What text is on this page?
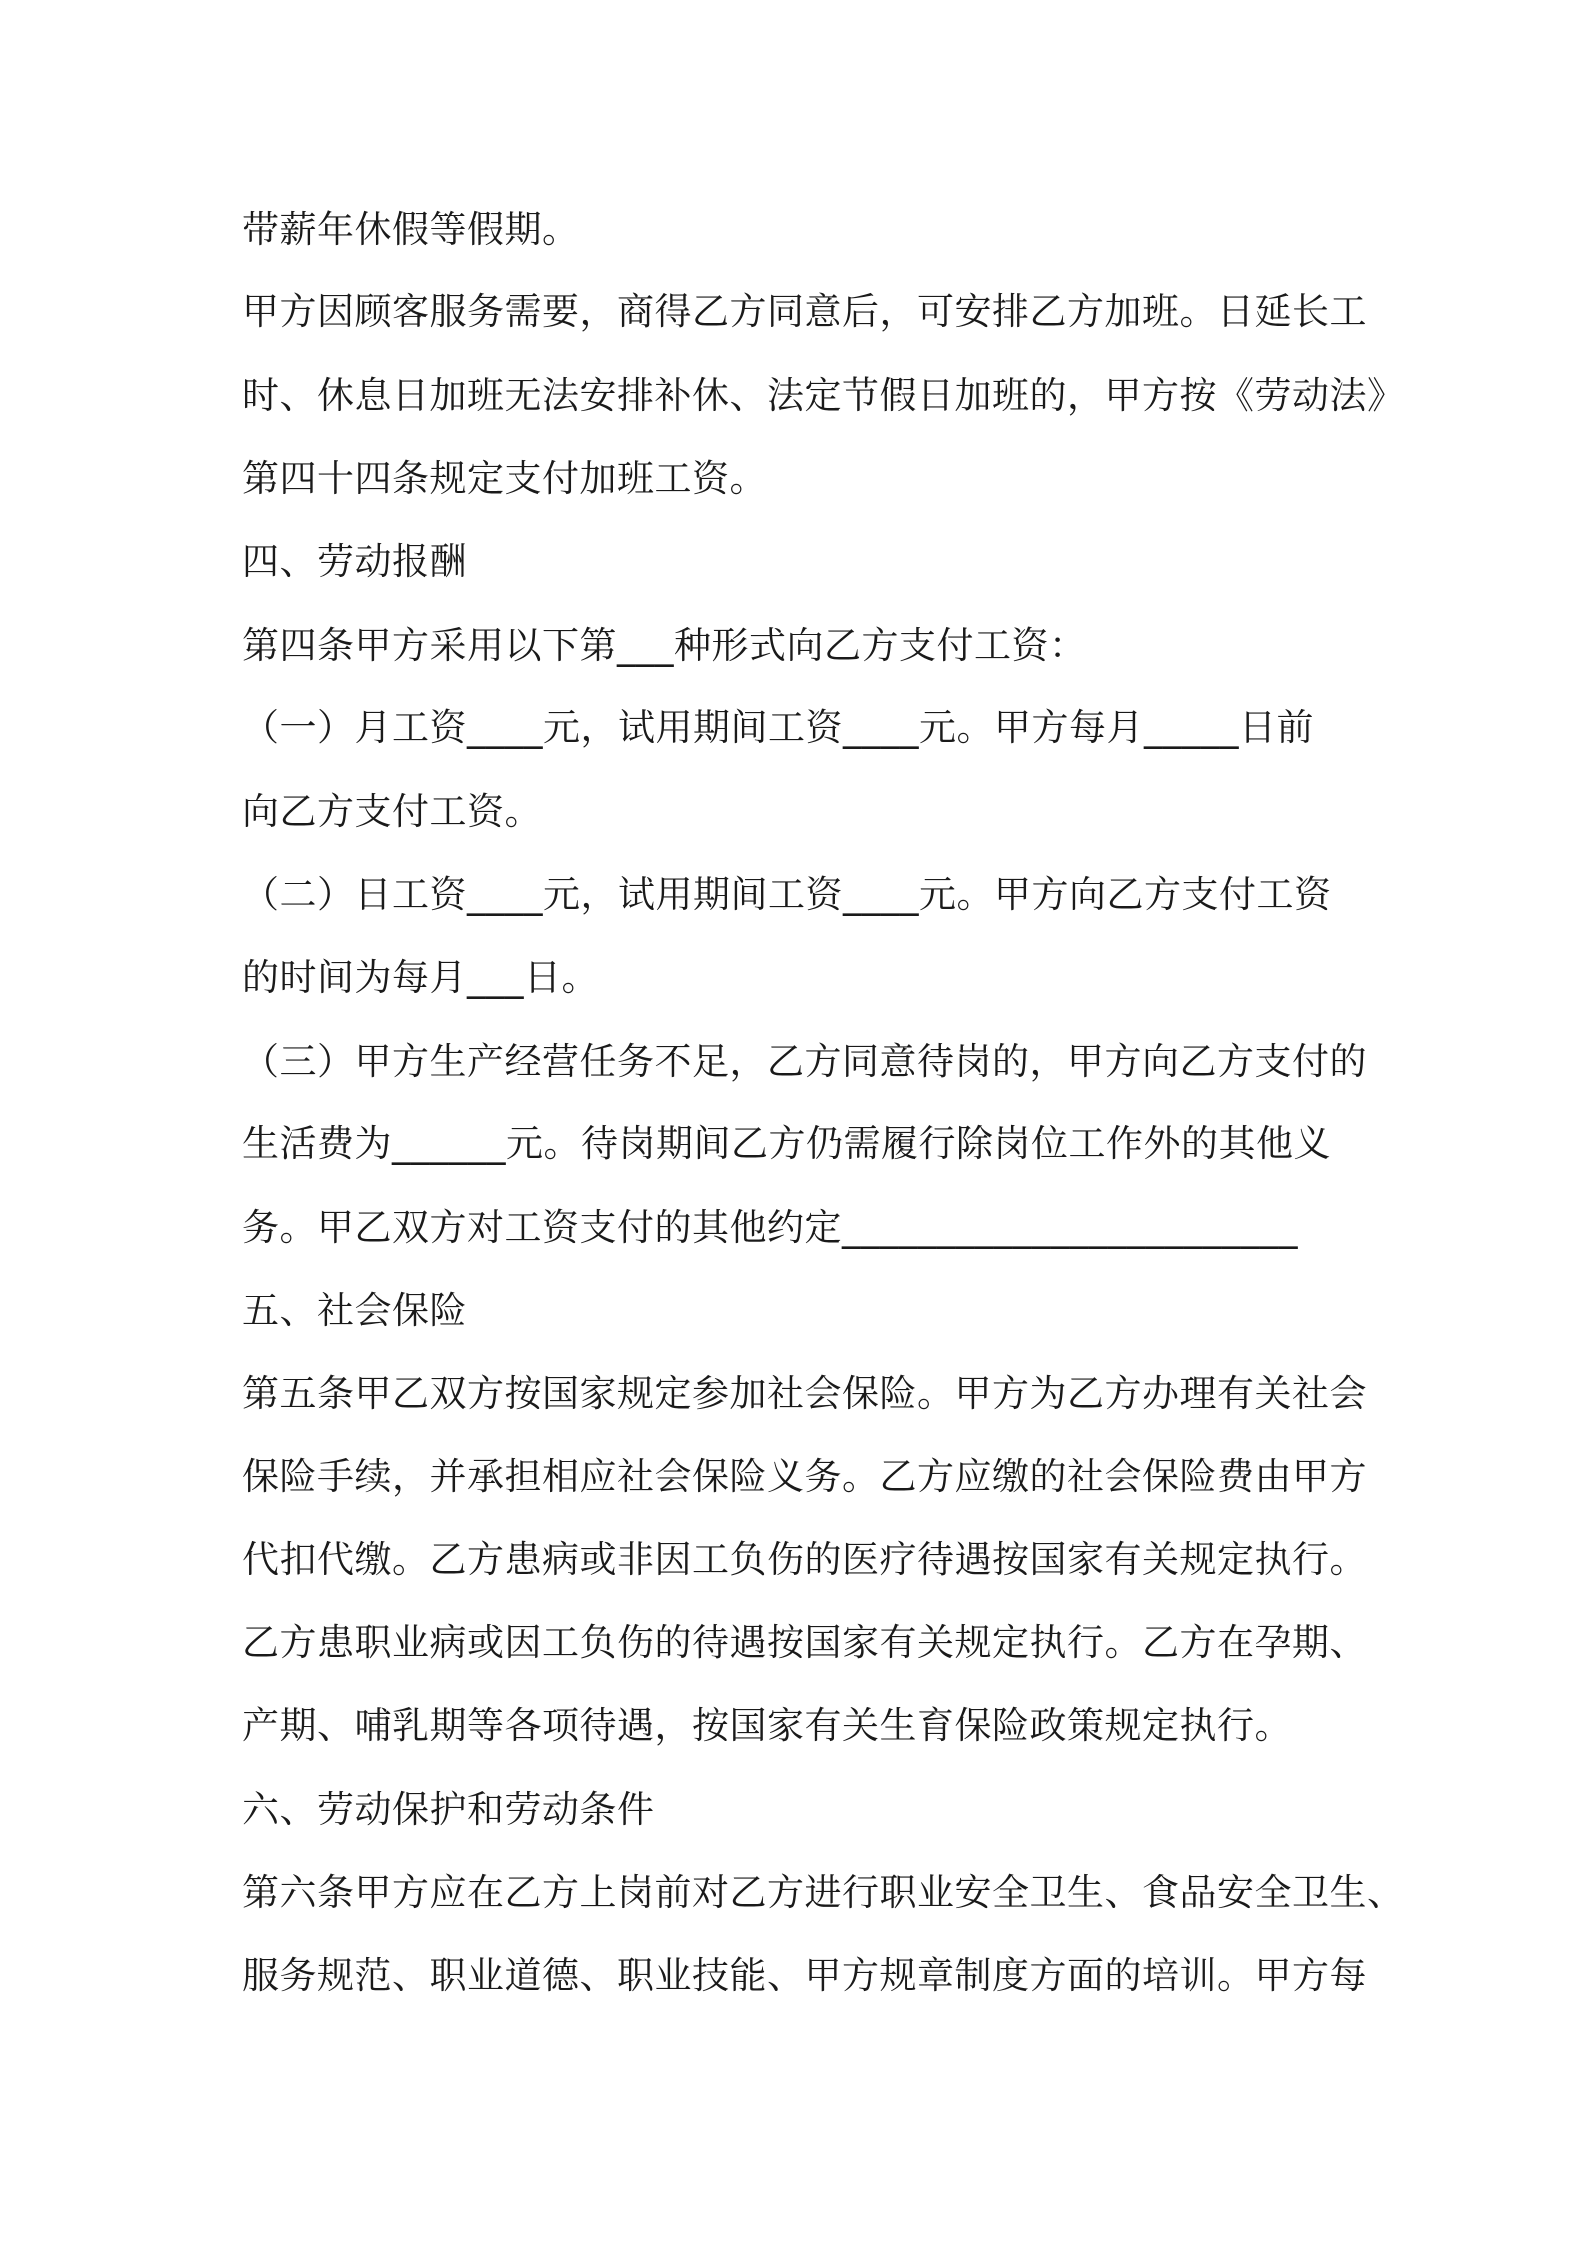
带薪年休假等假期。
甲方因顾客服务需要，商得乙方同意后，可安排乙方加班。日延长工
时、休息日加班无法安排补休、法定节假日加班的，甲方按《劳动法》
第四十四条规定支付加班工资。
四、劳动报酬
第四条甲方采用以下第___种形式向乙方支付工资：
（一）月工资____元，试用期间工资____元。甲方每月_____日前
向乙方支付工资。
（二）日工资____元，试用期间工资____元。甲方向乙方支付工资
的时间为每月___日。
（三）甲方生产经营任务不足，乙方同意待岗的，甲方向乙方支付的
生活费为______元。待岗期间乙方仍需履行除岗位工作外的其他义
务。甲乙双方对工资支付的其他约定________________________
五、社会保险
第五条甲乙双方按国家规定参加社会保险。甲方为乙方办理有关社会
保险手续，并承担相应社会保险义务。乙方应缴的社会保险费由甲方
代扣代缴。乙方患病或非因工负伤的医疗待遇按国家有关规定执行。
乙方患职业病或因工负伤的待遇按国家有关规定执行。乙方在孕期、
产期、哺乳期等各项待遇，按国家有关生育保险政策规定执行。
六、劳动保护和劳动条件
第六条甲方应在乙方上岗前对乙方进行职业安全卫生、食品安全卫生、
服务规范、职业道德、职业技能、甲方规章制度方面的培训。甲方每
